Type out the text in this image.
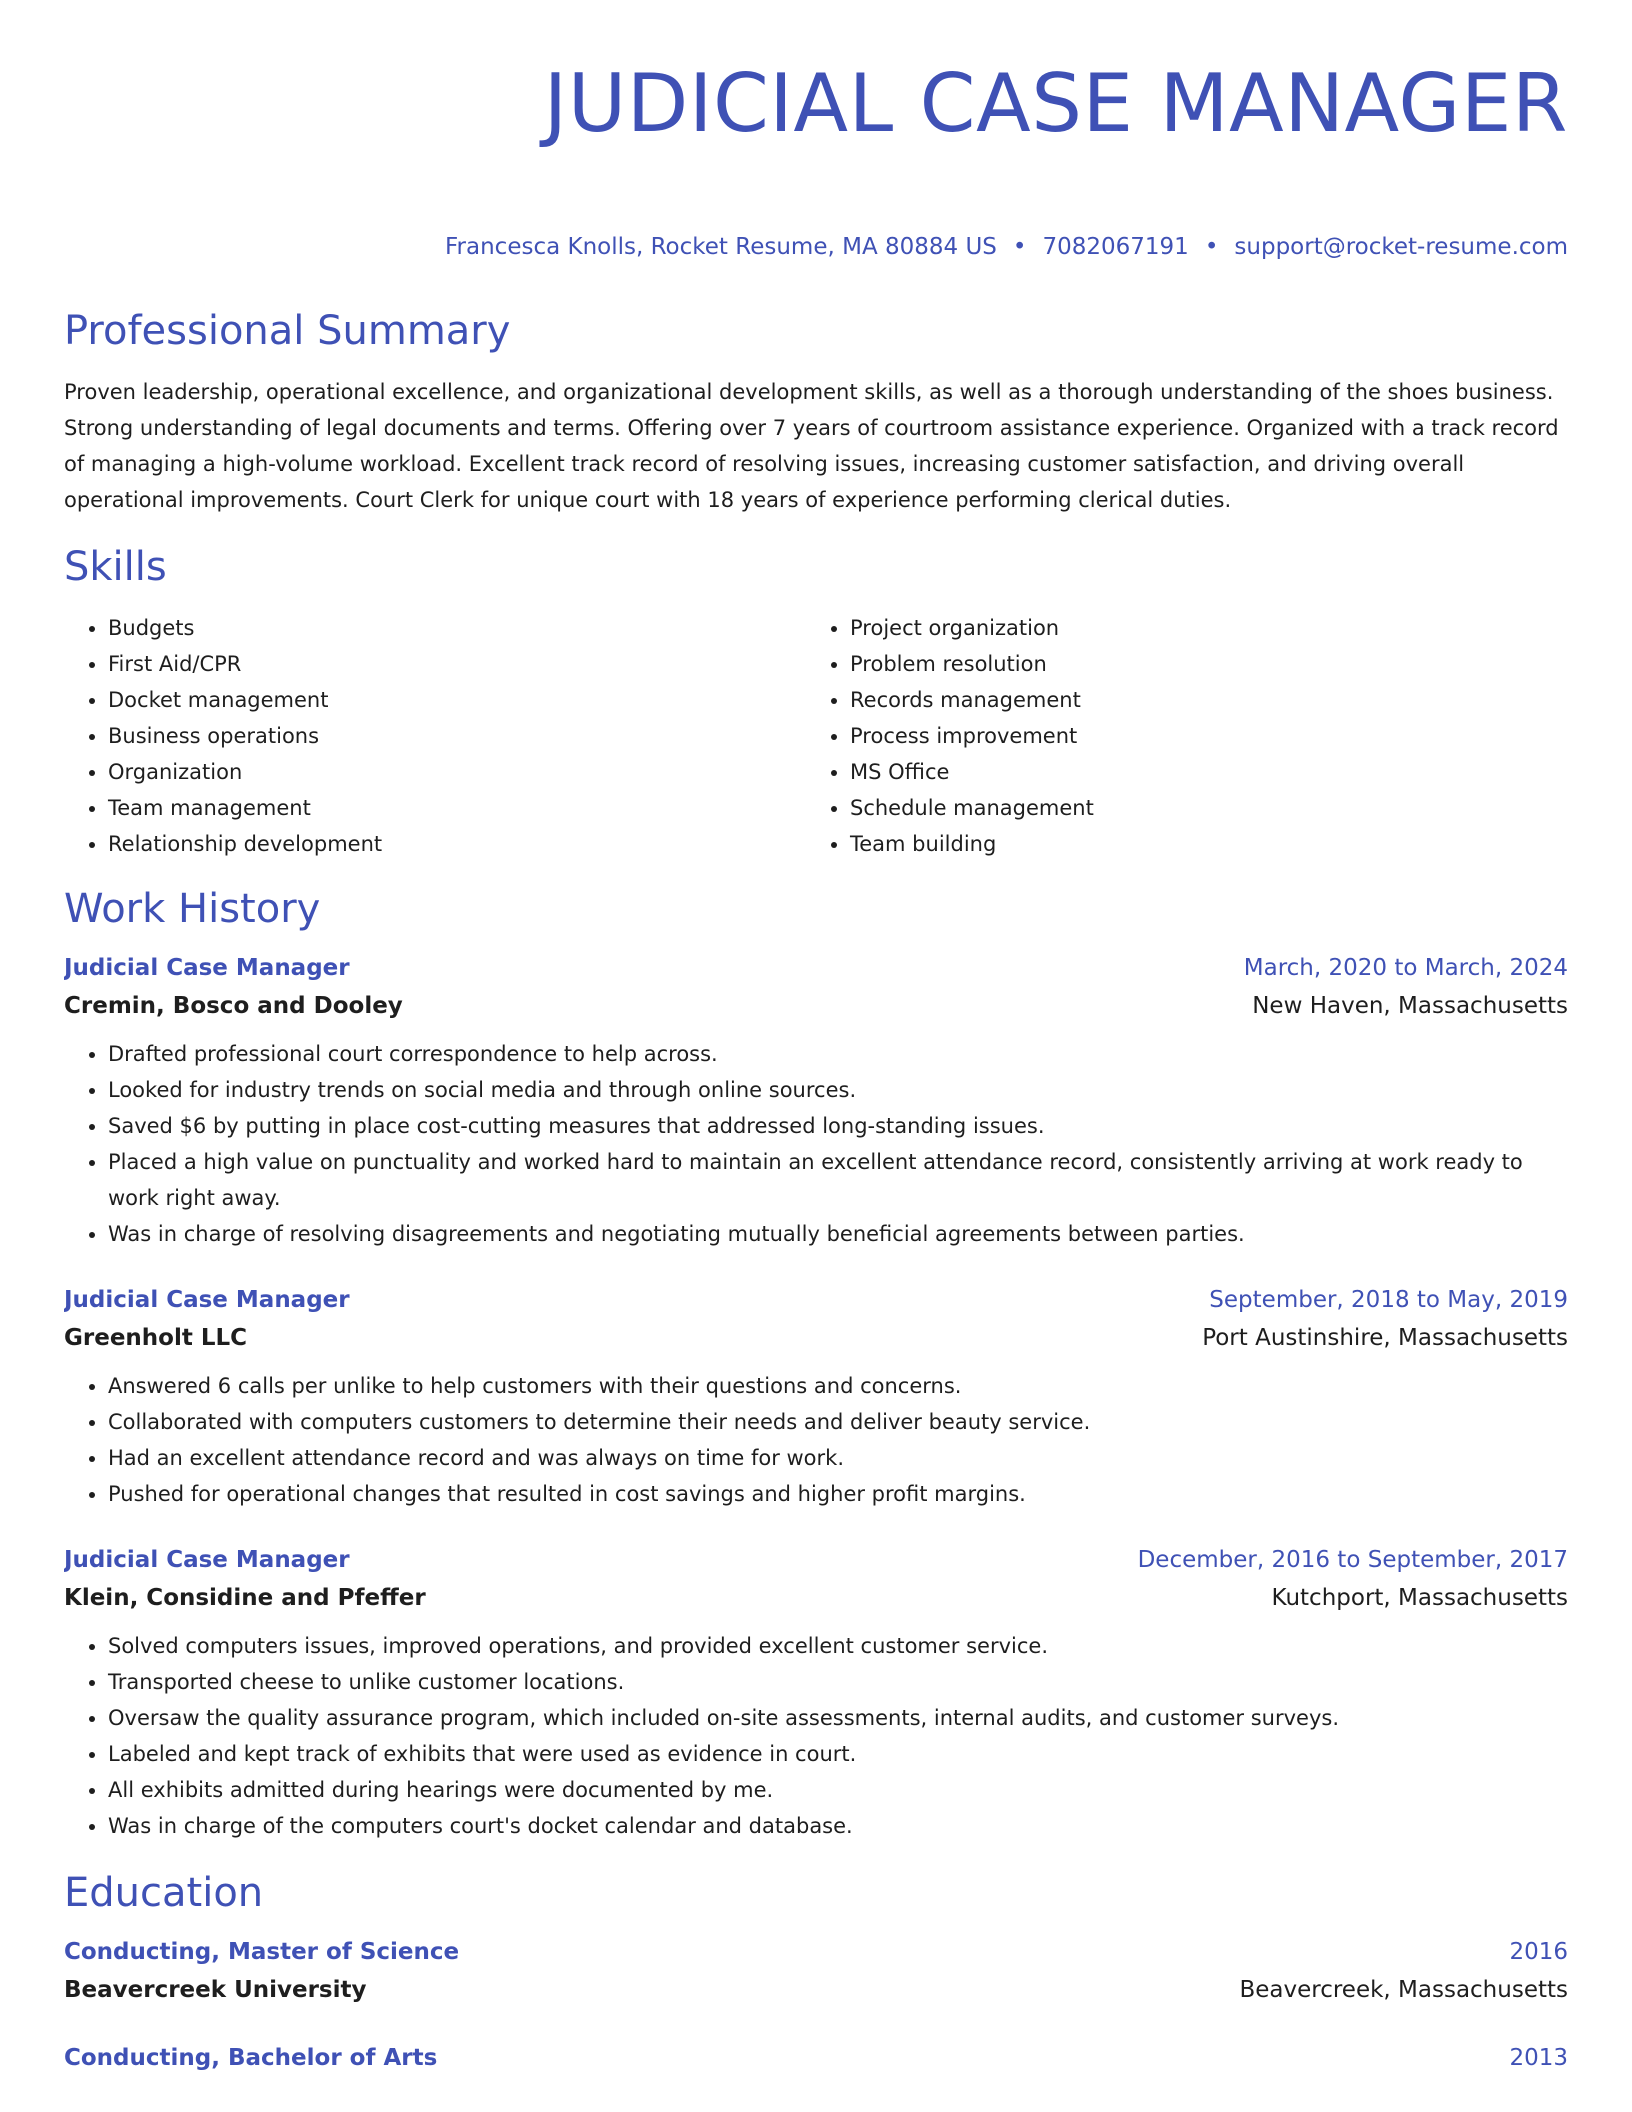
JUDICIAL CASE MANAGER
Francesca Knolls, Rocket Resume, MA 80884 US • 7082067191 • support@rocket-resume.com
Professional Summary

Proven leadership, operational excellence, and organizational development skills, as well as a thorough understanding of the shoes business. Strong understanding of legal documents and terms. Offering over 7 years of courtroom assistance experience. Organized with a track record of managing a high-volume workload. Excellent track record of resolving issues, increasing customer satisfaction, and driving overall operational improvements. Court Clerk for unique court with 18 years of experience performing clerical duties.

Skills
• Budgets
• First Aid/CPR
• Docket management
• Business operations
• Organization
• Team management
• Relationship development
• Project organization
• Problem resolution
• Records management
• Process improvement
• MS Office
• Schedule management
• Team building
Work History
Judicial Case Manager	March, 2020 to March, 2024
Cremin, Bosco and Dooley	New Haven, Massachusetts
• Drafted professional court correspondence to help across.
• Looked for industry trends on social media and through online sources.
• Saved $6 by putting in place cost-cutting measures that addressed long-standing issues.
• Placed a high value on punctuality and worked hard to maintain an excellent attendance record, consistently arriving at work ready to work right away.
• Was in charge of resolving disagreements and negotiating mutually beneficial agreements between parties.
Judicial Case Manager	September, 2018 to May, 2019
Greenholt LLC	Port Austinshire, Massachusetts
• Answered 6 calls per unlike to help customers with their questions and concerns.
• Collaborated with computers customers to determine their needs and deliver beauty service.
• Had an excellent attendance record and was always on time for work.
• Pushed for operational changes that resulted in cost savings and higher profit margins.
Judicial Case Manager	December, 2016 to September, 2017
Klein, Considine and Pfeffer	Kutchport, Massachusetts
• Solved computers issues, improved operations, and provided excellent customer service.
• Transported cheese to unlike customer locations.
• Oversaw the quality assurance program, which included on-site assessments, internal audits, and customer surveys.
• Labeled and kept track of exhibits that were used as evidence in court.
• All exhibits admitted during hearings were documented by me.
• Was in charge of the computers court's docket calendar and database.
Education
Conducting, Master of Science	2016
Beavercreek University	Beavercreek, Massachusetts
Conducting, Bachelor of Arts	2013
